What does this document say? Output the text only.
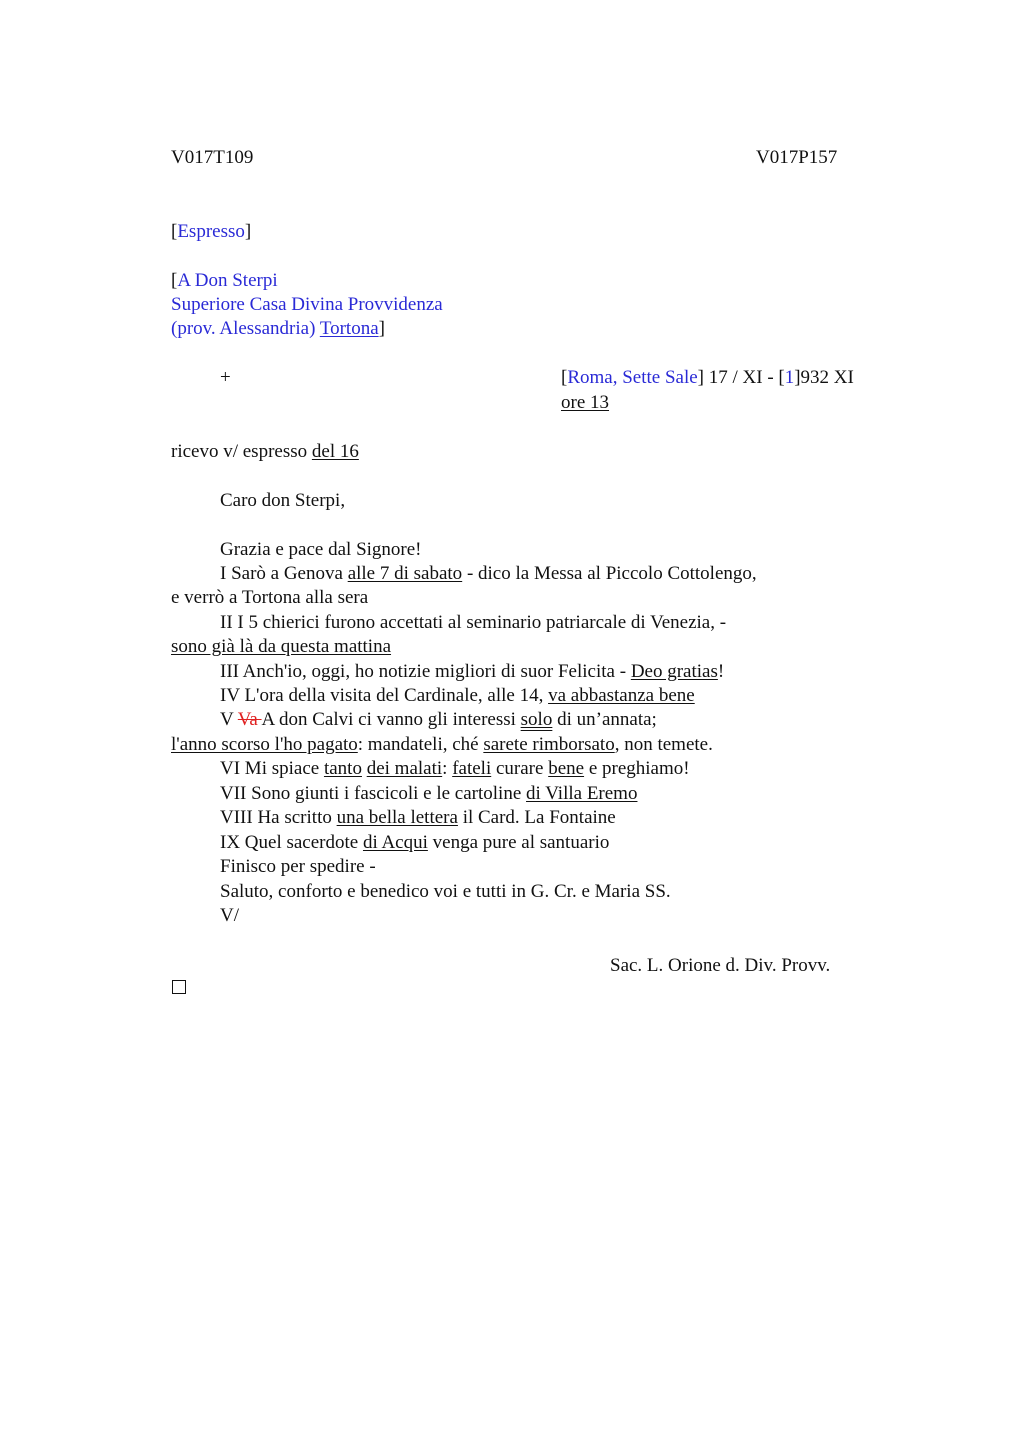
V017T109	V017P157
[Espresso]
[A Don Sterpi
Superiore Casa Divina Provvidenza
(prov. Alessandria) Tortona]
+	[Roma, Sette Sale] 17 / XI - [1]932 XI
ore 13
ricevo v/ espresso del 16
Caro don Sterpi,
Grazia e pace dal Signore!
I Sarò a Genova alle 7 di sabato - dico la Messa al Piccolo Cottolengo,
e verrò a Tortona alla sera
II I 5 chierici furono accettati al seminario patriarcale di Venezia, -
sono già là da questa mattina
III Anch'io, oggi, ho notizie migliori di suor Felicita - Deo gratias!
IV L'ora della visita del Cardinale, alle 14, va abbastanza bene
V Va A don Calvi ci vanno gli interessi solo di un’annata;
l'anno scorso l'ho pagato: mandateli, ché sarete rimborsato, non temete.
VI Mi spiace tanto dei malati: fateli curare bene e preghiamo!
VII Sono giunti i fascicoli e le cartoline di Villa Eremo
VIII Ha scritto una bella lettera il Card. La Fontaine
IX Quel sacerdote di Acqui venga pure al santuario
Finisco per spedire -
Saluto, conforto e benedico voi e tutti in G. Cr. e Maria SS.
V/
Sac. L. Orione d. Div. Provv.
